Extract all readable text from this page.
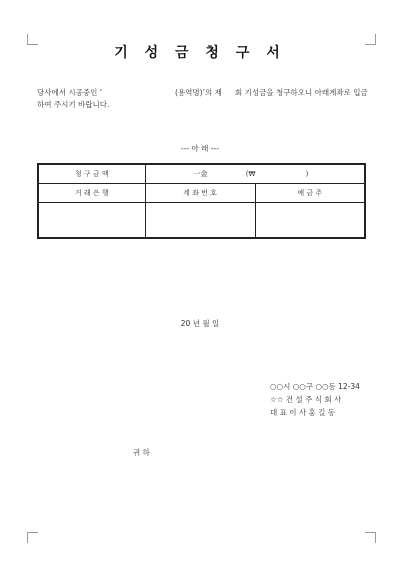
기 성 금 청 구 서
당사에서 시공중인 ‘	(용역명)’의 제 회 기성금을 청구하오니 아래계좌로 입금
하여 주시기 바랍니다.
--- 아 래 ---
청 구 금 액	一金 (₩ )	
거 래 은 행	계 좌 번 호	예 금 주

20 년 월 일
○○시 ○○구 ○○동 12-34
☆☆ 건 설 주 식 회 사
대 표 이 사 홍 길 동
귀 하
